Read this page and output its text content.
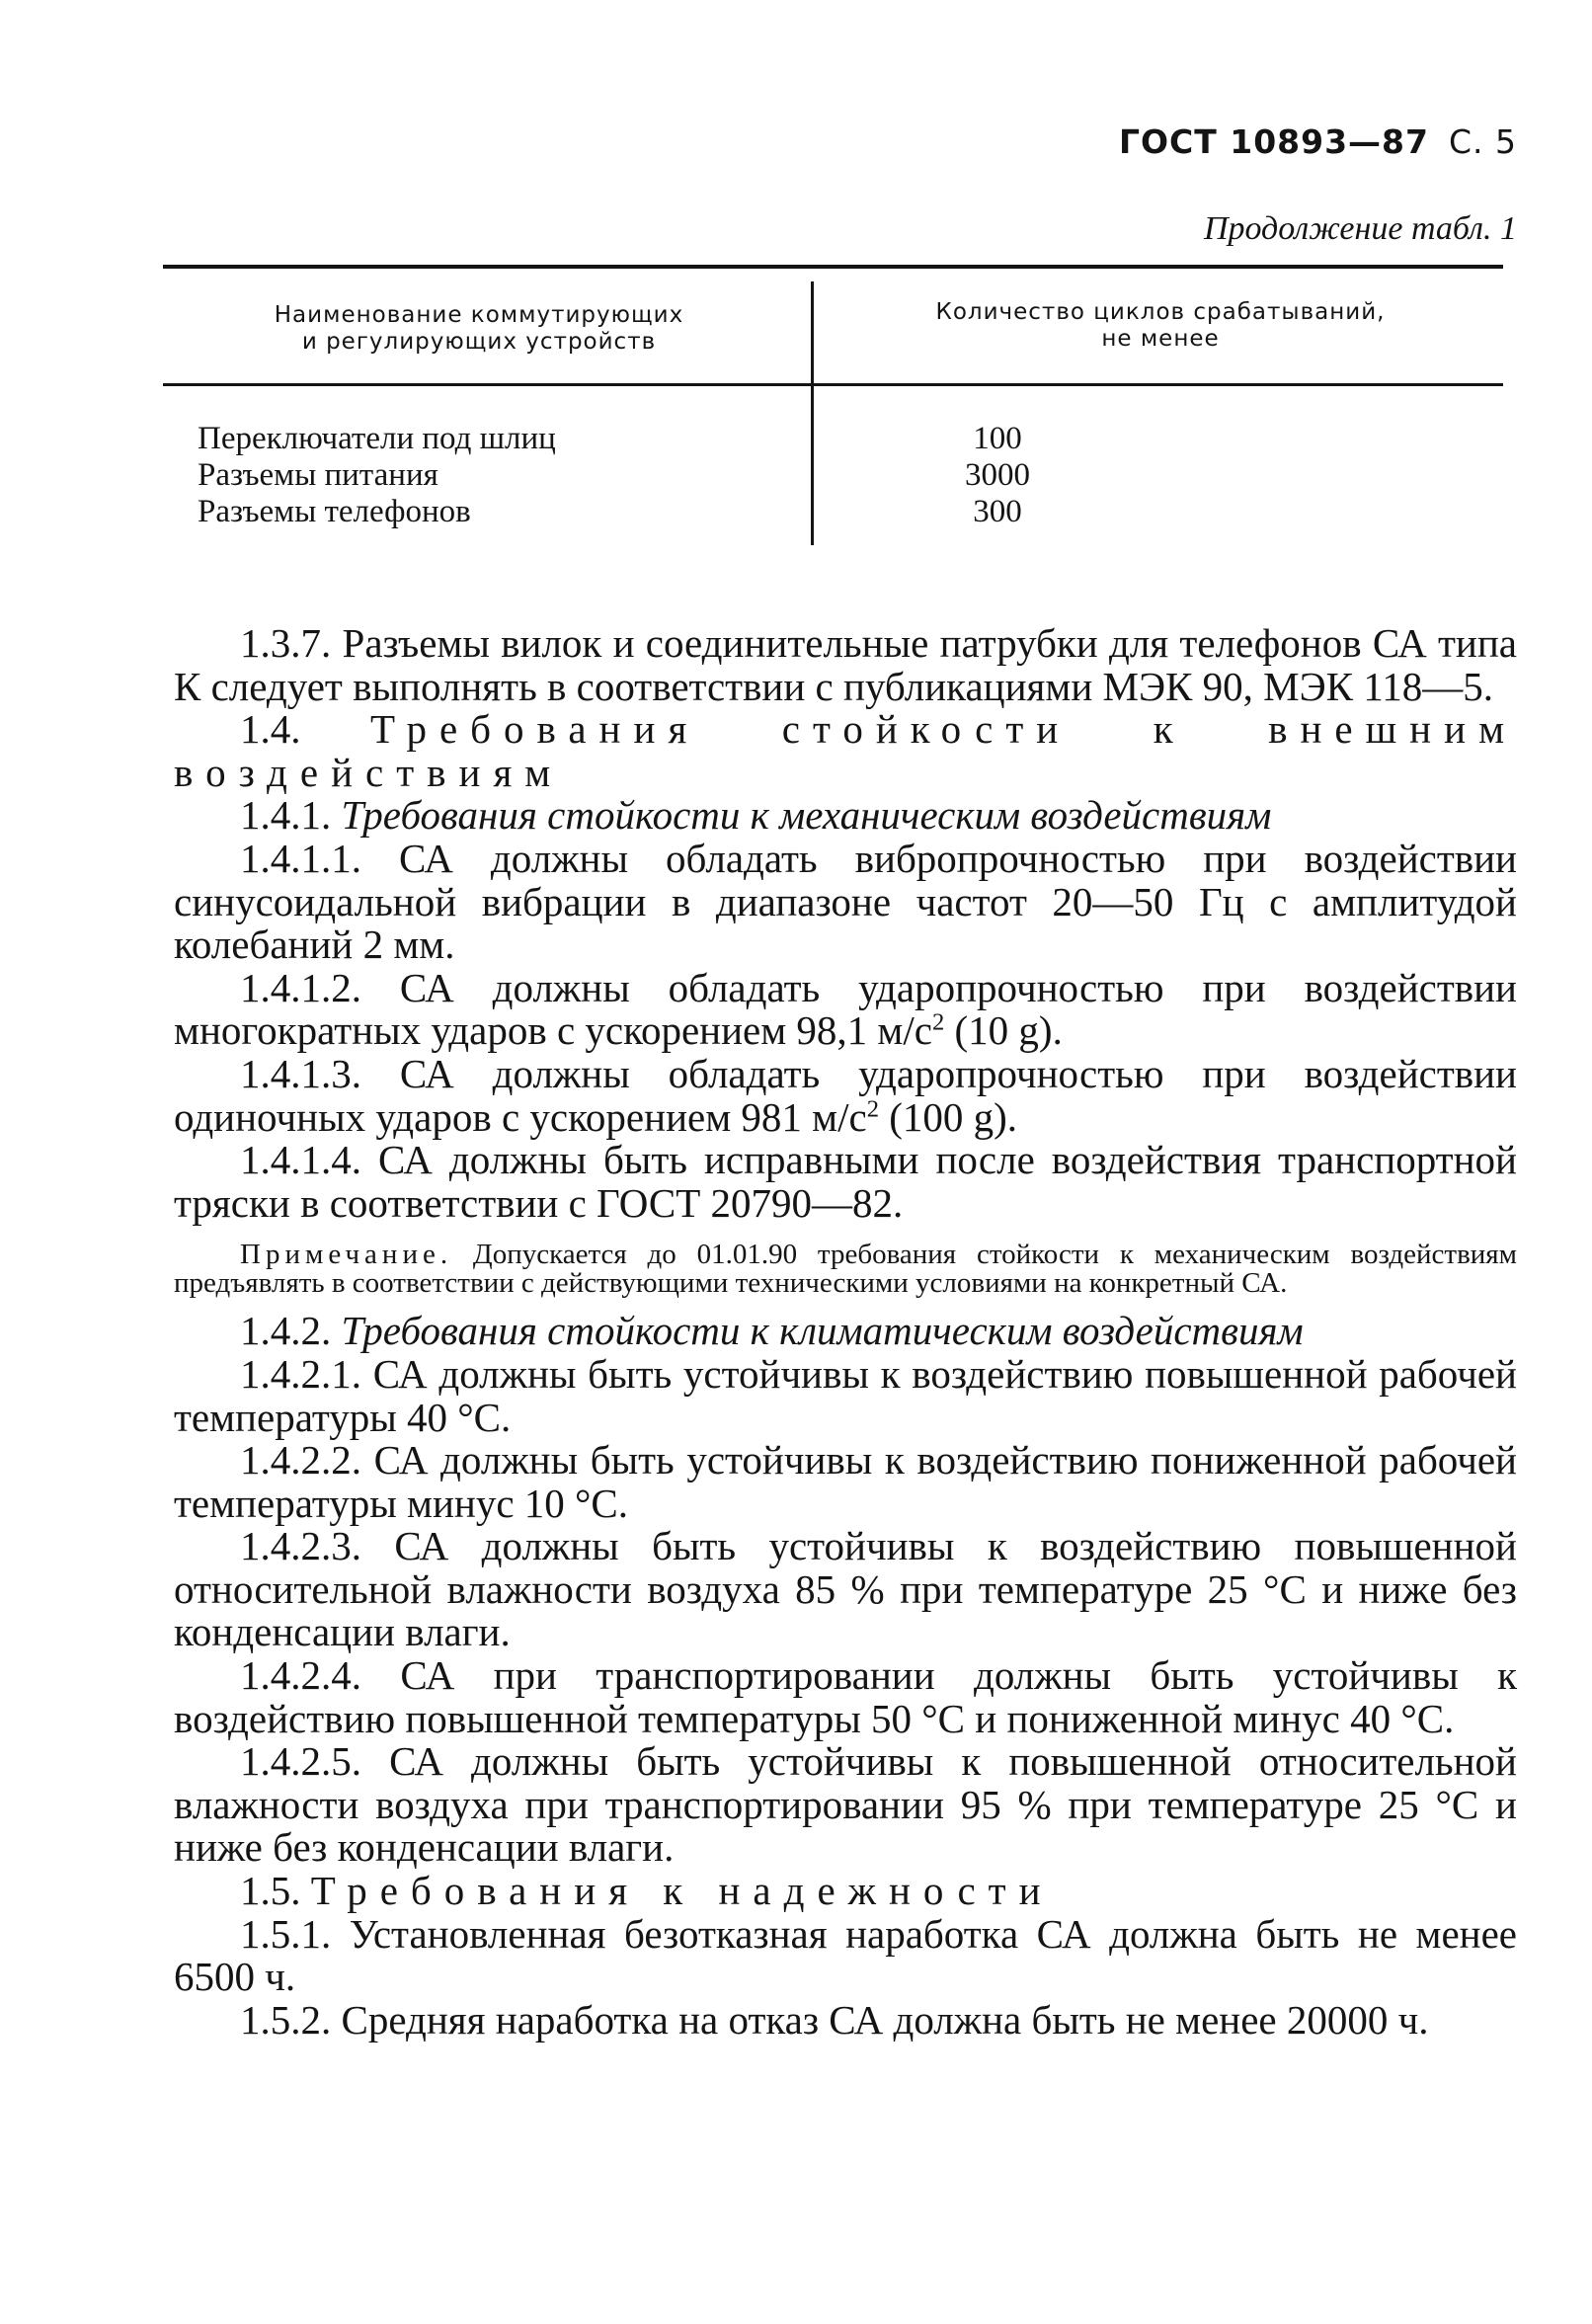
ГОСТ 10893—87 С. 5
Продолжение табл. 1
Наименование коммутирующих
и регулирующих устройств
Количество циклов срабатываний,
не менее
Переключатели под шлиц
Разъемы питания
Разъемы телефонов
100
3000
300

1.3.7. Разъемы вилок и соединительные патрубки для телефонов СА типа К следует выполнять в соответствии с публикациями МЭК 90, МЭК 118—5.

1.4. Требования стойкости к внешним воздействиям

1.4.1. Требования стойкости к механическим воздействиям

1.4.1.1. СА должны обладать вибропрочностью при воздействии синусоидальной вибрации в диапазоне частот 20—50 Гц с амплитудой колебаний 2 мм.

1.4.1.2. СА должны обладать ударопрочностью при воздействии многократных ударов с ускорением 98,1 $м/с^2$ (10 g).

1.4.1.3. СА должны обладать ударопрочностью при воздействии одиночных ударов с ускорением 981 $м/с^2$ (100 g).

1.4.1.4. СА должны быть исправными после воздействия транспортной тряски в соответствии с ГОСТ 20790—82.

Примечание. Допускается до 01.01.90 требования стойкости к механическим воздействиям предъявлять в соответствии с действующими техническими условиями на конкретный СА.

1.4.2. Требования стойкости к климатическим воздействиям

1.4.2.1. СА должны быть устойчивы к воздействию повышенной рабочей температуры 40 °С.

1.4.2.2. СА должны быть устойчивы к воздействию пониженной рабочей температуры минус 10 °С.

1.4.2.3. СА должны быть устойчивы к воздействию повышенной относительной влажности воздуха 85 % при температуре 25 °С и ниже без конденсации влаги.

1.4.2.4. СА при транспортировании должны быть устойчивы к воздействию повышенной температуры 50 °С и пониженной минус 40 °С.

1.4.2.5. СА должны быть устойчивы к повышенной относительной влажности воздуха при транспортировании 95 % при температуре 25 °С и ниже без конденсации влаги.

1.5. Требования к надежности

1.5.1. Установленная безотказная наработка СА должна быть не менее 6500 ч.

1.5.2. Средняя наработка на отказ СА должна быть не менее 20000 ч.
